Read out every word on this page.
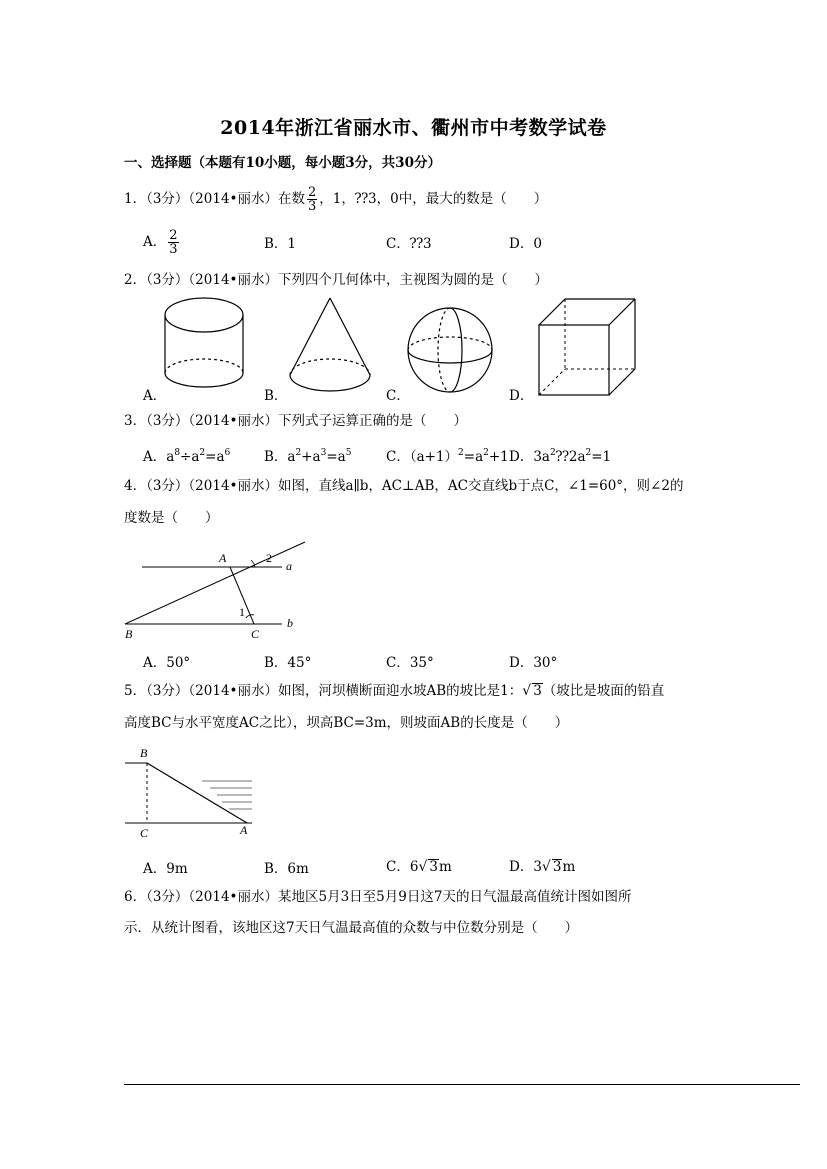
2014年浙江省丽水市、衢州市中考数学试卷
一、选择题（本题有10小题，每小题3分，共30分）
1．（3分）（2014•丽水）在数 $\frac{2}{3}$ ，1，⁇3，0中，最大的数是（　　）
A． $\frac{2}{3}$	B．1	C．⁇3	D．0
2．（3分）（2014•丽水）下列四个几何体中，主视图为圆的是（　　）
A．	B．	C．	D．
3．（3分）（2014•丽水）下列式子运算正确的是（　　）
A．$a^8\div a^2=a^6$ B．$a^2+a^3=a^5$	C．$(a+1)^2=a^2+1$ D．$3a^2⁇2a^2=1$
4．（3分）（2014•丽水）如图，直线a∥b，AC⊥AB，AC交直线b于点C，∠1=60°，则∠2的
度数是（　　）
A	2
a
1
B	C
b
A．50°	B．45°	C．35°	D．30°
5．（3分）（2014•丽水）如图，河坝横断面迎水坡AB的坡比是1：√ 3（坡比是坡面的铅直
高度BC与水平宽度AC之比），坝高BC=3m，则坡面AB的长度是（　　）
B
C	A
A．9m	B．6m	C．6√ 3m	D．3√ 3m
6．（3分）（2014•丽水）某地区5月3日至5月9日这7天的日气温最高值统计图如图所
示．从统计图看，该地区这7天日气温最高值的众数与中位数分别是（　　）
